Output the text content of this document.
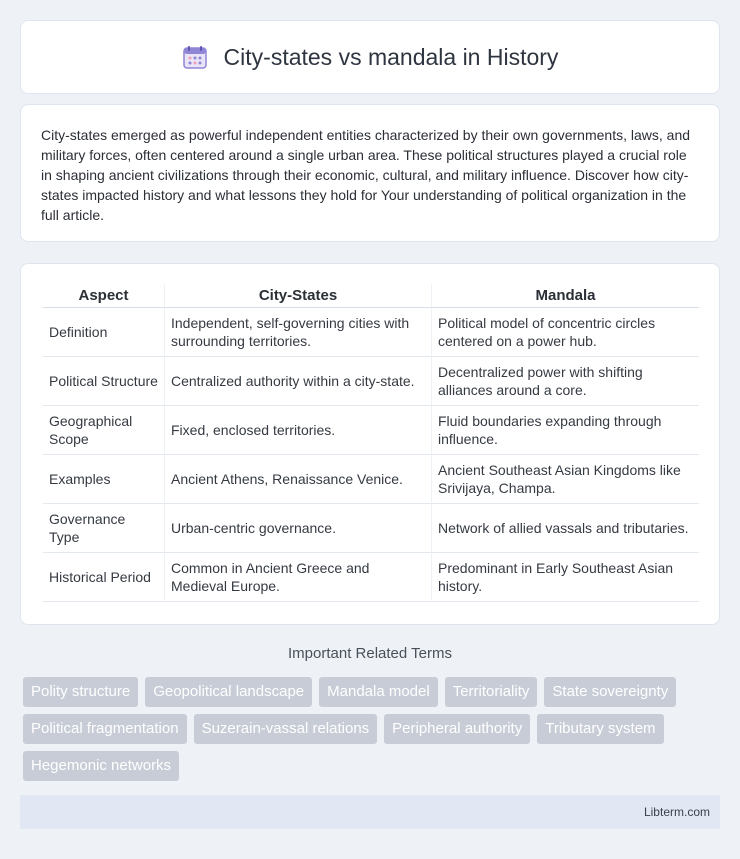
City-states vs mandala in History

City-states emerged as powerful independent entities characterized by their own governments, laws, and military forces, often centered around a single urban area. These political structures played a crucial role in shaping ancient civilizations through their economic, cultural, and military influence. Discover how city-states impacted history and what lessons they hold for Your understanding of political organization in the full article.

Aspect	City-States	Mandala
Definition	Independent, self-governing cities with surrounding territories.	Political model of concentric circles centered on a power hub.
Political Structure	Centralized authority within a city-state.	Decentralized power with shifting alliances around a core.
Geographical Scope	Fixed, enclosed territories.	Fluid boundaries expanding through influence.
Examples	Ancient Athens, Renaissance Venice.	Ancient Southeast Asian Kingdoms like Srivijaya, Champa.
Governance Type	Urban-centric governance.	Network of allied vassals and tributaries.
Historical Period	Common in Ancient Greece and Medieval Europe.	Predominant in Early Southeast Asian history.
Important Related Terms
Polity structure	Geopolitical landscape	Mandala model	Territoriality	State sovereignty
Political fragmentation	Suzerain-vassal relations	Peripheral authority	Tributary system
Hegemonic networks
Libterm.com
